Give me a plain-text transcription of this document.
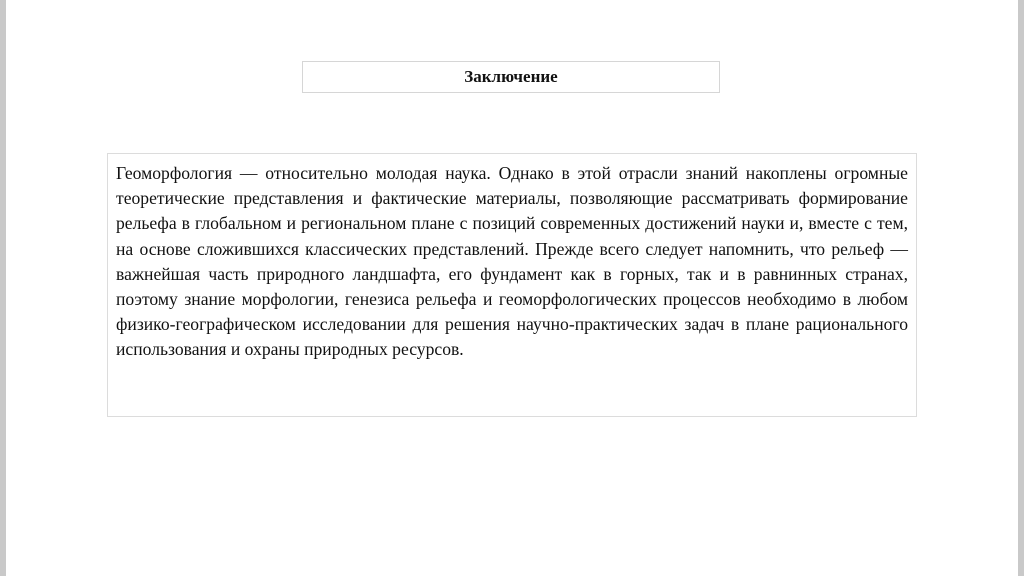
Заключение

Геоморфология — относительно молодая наука. Однако в этой отрасли знаний накоплены огромные теоретические представления и фактические материалы, позволяющие рассматривать формирование рельефа в глобальном и региональном плане с позиций современных достижений науки и, вместе с тем, на основе сложившихся классических представлений. Прежде всего следует напомнить, что рельеф — важнейшая часть природного ландшафта, его фундамент как в горных, так и в равнинных странах, поэтому знание морфологии, генезиса рельефа и геоморфологических процессов необходимо в любом физико-географическом исследовании для решения научно-практических задач в плане рационального использования и охраны природных ресурсов.
